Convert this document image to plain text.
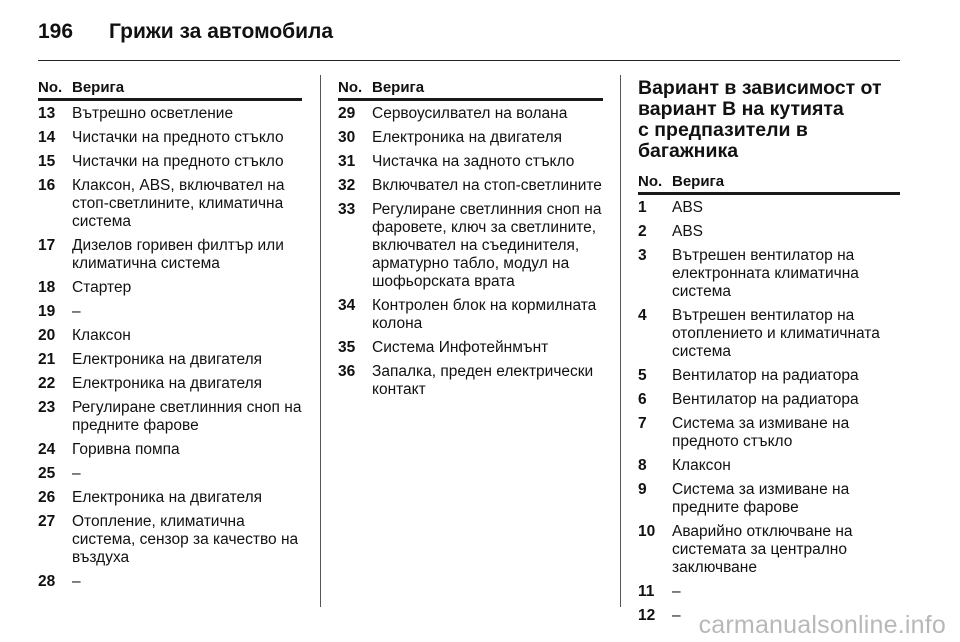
196 Грижи за автомобила
No. Верига
13	Вътрешно осветление
14	Чистачки на предното стъкло
15	Чистачки на предното стъкло
16	Клаксон, ABS, включвател на стоп-светлините, климатична система
17	Дизелов горивен филтър или климатична система
18	Стартер
19	–
20	Клаксон
21	Електроника на двигателя
22	Електроника на двигателя
23	Регулиране светлинния сноп на предните фарове
24	Горивна помпа
25	–
26	Електроника на двигателя
27	Отопление, климатична система, сензор за качество на въздуха
28	–
No. Верига
29	Сервоусилвател на волана
30	Електроника на двигателя
31	Чистачка на задното стъкло
32	Включвател на стоп-светлините
33	Регулиране светлинния сноп на фаровете, ключ за светлините, включвател на съединителя, арматурно табло, модул на шофьорската врата
34	Контролен блок на кормилната колона
35	Система Инфотейнмънт
36	Запалка, преден електрически контакт
Вариант в зависимост от
вариант В на кутията
с предпазители в багажника
No. Верига
1	ABS
2	ABS
3	Вътрешен вентилатор на електронната климатична система
4	Вътрешен вентилатор на отоплението и климатичната система
5	Вентилатор на радиатора
6	Вентилатор на радиатора
7	Система за измиване на предното стъкло
8	Клаксон
9	Система за измиване на предните фарове
10	Аварийно отключване на системата за централно заключване
11	–
12	– carmanualsonline.info
